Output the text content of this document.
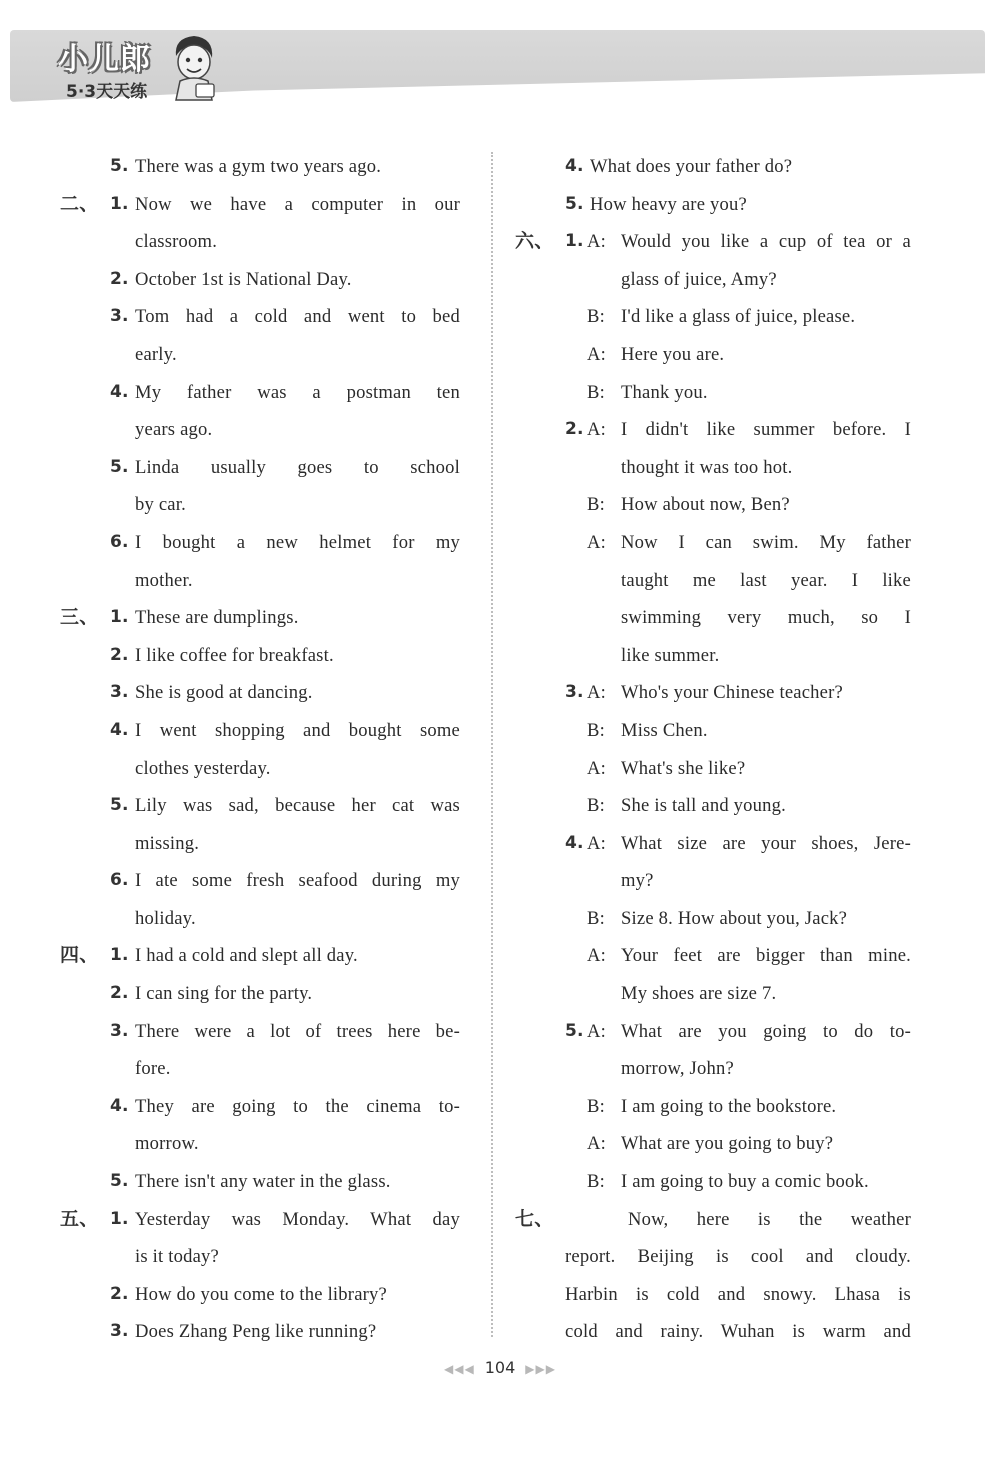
小儿郎
5·3天天练
5. There was a gym two years ago.
二、 1. Now we have a computer in our
classroom.
2. October 1st is National Day.
3. Tom had a cold and went to bed
early.
4. My father was a postman ten
years ago.
5. Linda usually goes to school
by car.
6. I bought a new helmet for my
mother.
三、 1. These are dumplings.
2. I like coffee for breakfast.
3. She is good at dancing.
4. I went shopping and bought some
clothes yesterday.
5. Lily was sad, because her cat was
missing.
6. I ate some fresh seafood during my
holiday.
四、 1. I had a cold and slept all day.
2. I can sing for the party.
3. There were a lot of trees here be-
fore.
4. They are going to the cinema to-
morrow.
5. There isn't any water in the glass.
五、 1. Yesterday was Monday. What day
is it today?
2. How do you come to the library?
3. Does Zhang Peng like running?
4. What does your father do?
5. How heavy are you?
六、 1. A: Would you like a cup of tea or a
glass of juice, Amy?
B: I'd like a glass of juice, please.
A: Here you are.
B: Thank you.
2. A: I didn't like summer before. I
thought it was too hot.
B: How about now, Ben?
A: Now I can swim. My father
taught me last year. I like
swimming very much, so I
like summer.
3. A: Who's your Chinese teacher?
B: Miss Chen.
A: What's she like?
B: She is tall and young.
4. A: What size are your shoes, Jere-
my?
B: Size 8. How about you, Jack?
A: Your feet are bigger than mine.
My shoes are size 7.
5. A: What are you going to do to-
morrow, John?
B: I am going to the bookstore.
A: What are you going to buy?
B: I am going to buy a comic book.
七、	Now, here is the weather
report. Beijing is cool and cloudy.
Harbin is cold and snowy. Lhasa is
cold and rainy. Wuhan is warm and
◀◀◀ 104 ▶▶▶
